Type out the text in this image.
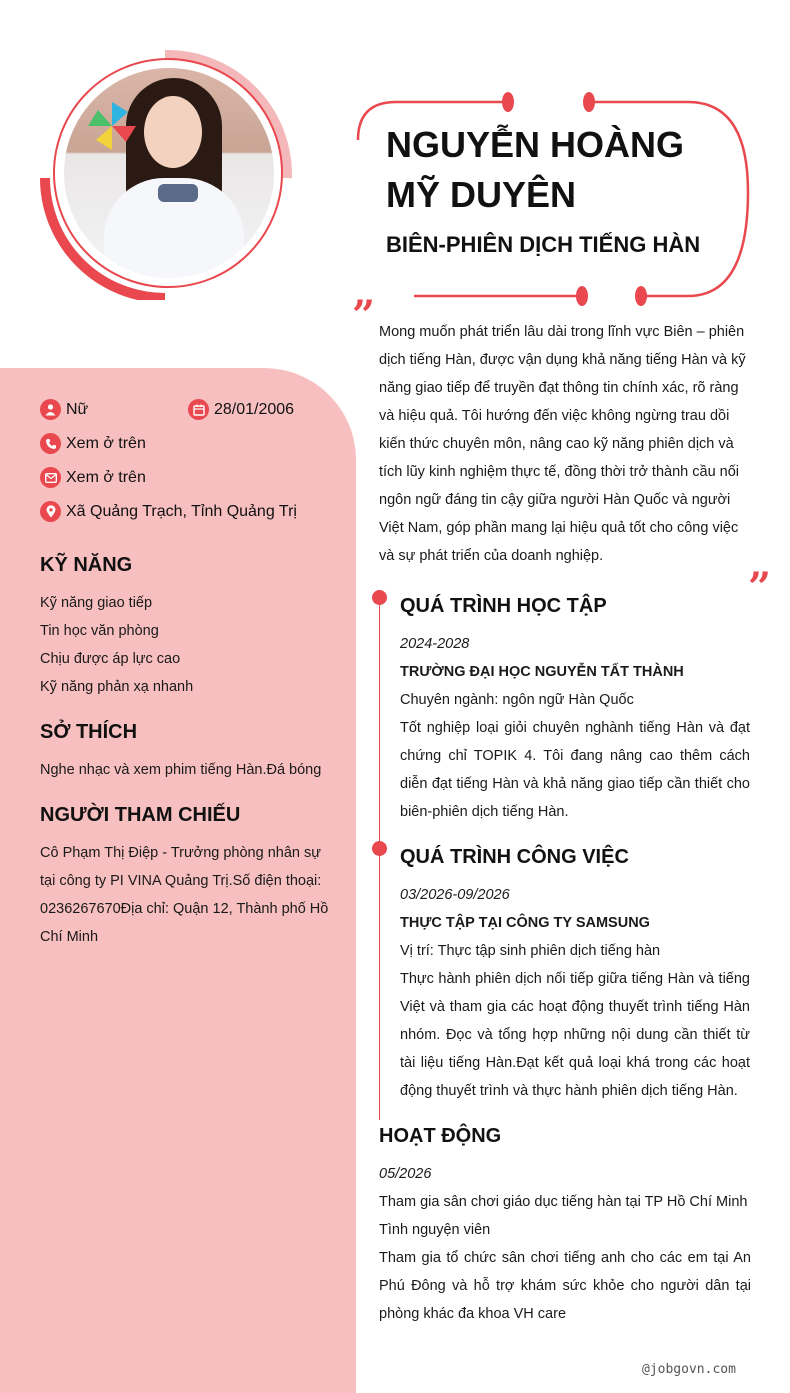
NGUYỄN HOÀNG
MỸ DUYÊN
BIÊN-PHIÊN DỊCH TIẾNG HÀN
” Mong muốn phát triển lâu dài trong lĩnh vực Biên – phiên dịch tiếng Hàn, được vận dụng khả năng tiếng Hàn và kỹ năng giao tiếp để truyền đạt thông tin chính xác, rõ ràng và hiệu quả. Tôi hướng đến việc không ngừng trau dồi kiến thức chuyên môn, nâng cao kỹ năng phiên dịch và tích lũy kinh nghiệm thực tế, đồng thời trở thành cầu nối ngôn ngữ đáng tin cậy giữa người Hàn Quốc và người Việt Nam, góp phần mang lại hiệu quả tốt cho công việc và sự phát triển của doanh nghiệp.
”
Nữ	28/01/2006
Xem ở trên
Xem ở trên
Xã Quảng Trạch, Tỉnh Quảng Trị
KỸ NĂNG
Kỹ năng giao tiếp
Tin học văn phòng
Chịu được áp lực cao
Kỹ năng phản xạ nhanh
SỞ THÍCH
Nghe nhạc và xem phim tiếng Hàn.Đá bóng
NGƯỜI THAM CHIẾU
Cô Phạm Thị Điệp - Trưởng phòng nhân sự tại công ty PI VINA Quảng Trị.Số điện thoại: 0236267670Địa chỉ: Quận 12, Thành phố Hồ Chí Minh
QUÁ TRÌNH HỌC TẬP
2024-2028
TRƯỜNG ĐẠI HỌC NGUYỄN TẤT THÀNH
Chuyên ngành: ngôn ngữ Hàn Quốc
Tốt nghiệp loại giỏi chuyên nghành tiếng Hàn và đạt chứng chỉ TOPIK 4. Tôi đang nâng cao thêm cách diễn đạt tiếng Hàn và khả năng giao tiếp cần thiết cho biên-phiên dịch tiếng Hàn.
QUÁ TRÌNH CÔNG VIỆC
03/2026-09/2026
THỰC TẬP TẠI CÔNG TY SAMSUNG
Vị trí: Thực tập sinh phiên dịch tiếng hàn
Thực hành phiên dịch nối tiếp giữa tiếng Hàn và tiếng Việt và tham gia các hoạt động thuyết trình tiếng Hàn nhóm. Đọc và tổng hợp những nội dung cần thiết từ tài liệu tiếng Hàn.Đạt kết quả loại khá trong các hoạt động thuyết trình và thực hành phiên dịch tiếng Hàn.
HOẠT ĐỘNG
05/2026
Tham gia sân chơi giáo dục tiếng hàn tại TP Hồ Chí Minh
Tình nguyện viên
Tham gia tổ chức sân chơi tiếng anh cho các em tại An Phú Đông và hỗ trợ khám sức khỏe cho người dân tại phòng khác đa khoa VH care
@jobgovn.com
